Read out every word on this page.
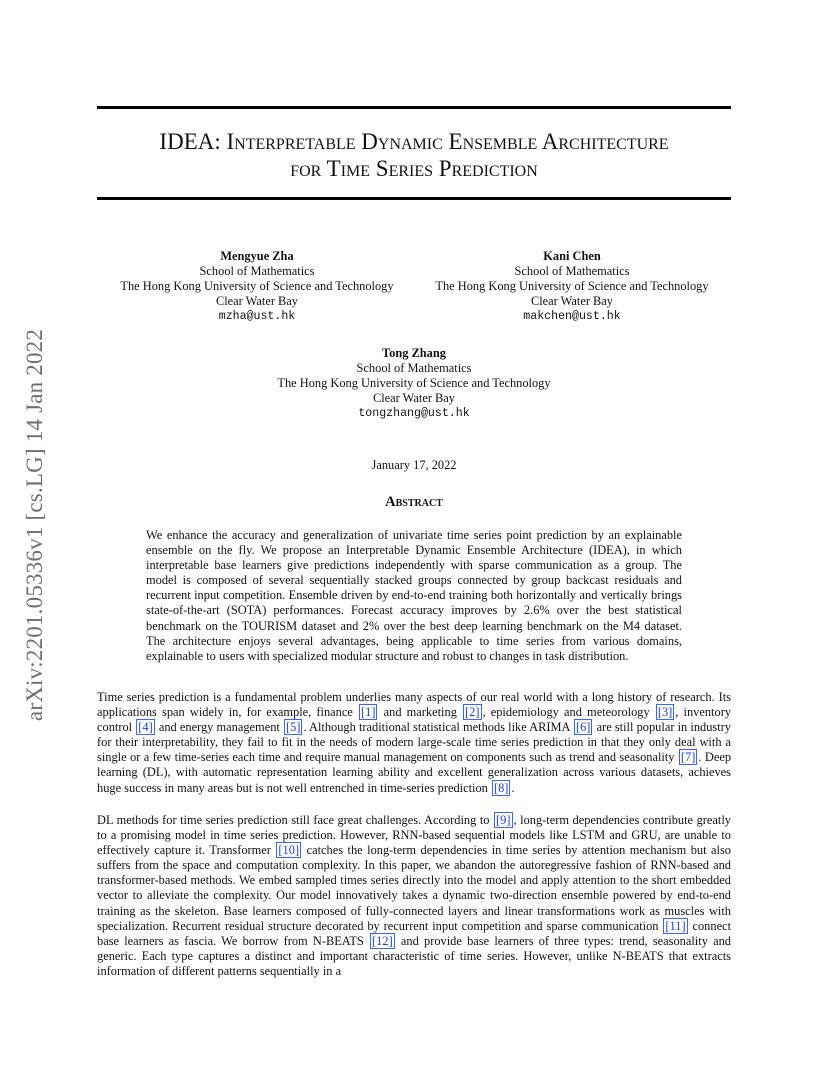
arXiv:2201.05336v1 [cs.LG] 14 Jan 2022
IDEA: Interpretable Dynamic Ensemble Architecture
for Time Series Prediction
Mengyue Zha
School of Mathematics
The Hong Kong University of Science and Technology
Clear Water Bay
mzha@ust.hk
Kani Chen
School of Mathematics
The Hong Kong University of Science and Technology
Clear Water Bay
makchen@ust.hk
Tong Zhang
School of Mathematics
The Hong Kong University of Science and Technology
Clear Water Bay
tongzhang@ust.hk
January 17, 2022
Abstract
We enhance the accuracy and generalization of univariate time series point prediction by an explainable ensemble on the fly. We propose an Interpretable Dynamic Ensemble Architecture (IDEA), in which interpretable base learners give predictions independently with sparse communication as a group. The model is composed of several sequentially stacked groups connected by group backcast residuals and recurrent input competition. Ensemble driven by end-to-end training both horizontally and vertically brings state-of-the-art (SOTA) performances. Forecast accuracy improves by 2.6% over the best statistical benchmark on the TOURISM dataset and 2% over the best deep learning benchmark on the M4 dataset. The architecture enjoys several advantages, being applicable to time series from various domains, explainable to users with specialized modular structure and robust to changes in task distribution.

Time series prediction is a fundamental problem underlies many aspects of our real world with a long history of research. Its applications span widely in, for example, finance [1] and marketing [2] , epidemiology and meteorology [3] , inventory control [4] and energy management [5] . Although traditional statistical methods like ARIMA [6] are still popular in industry for their interpretability, they fail to fit in the needs of modern large-scale time series prediction in that they only deal with a single or a few time-series each time and require manual management on components such as trend and seasonality [7] . Deep learning (DL), with automatic representation learning ability and excellent generalization across various datasets, achieves huge success in many areas but is not well entrenched in time-series prediction [8] .

DL methods for time series prediction still face great challenges. According to [9] , long-term dependencies contribute greatly to a promising model in time series prediction. However, RNN-based sequential models like LSTM and GRU, are unable to effectively capture it. Transformer [10] catches the long-term dependencies in time series by attention mechanism but also suffers from the space and computation complexity. In this paper, we abandon the autoregressive fashion of RNN-based and transformer-based methods. We embed sampled times series directly into the model and apply attention to the short embedded vector to alleviate the complexity. Our model innovatively takes a dynamic two-direction ensemble powered by end-to-end training as the skeleton. Base learners composed of fully-connected layers and linear transformations work as muscles with specialization. Recurrent residual structure decorated by recurrent input competition and sparse communication [11] connect base learners as fascia. We borrow from N-BEATS [12] and provide base learners of three types: trend, seasonality and generic. Each type captures a distinct and important characteristic of time series. However, unlike N-BEATS that extracts information of different patterns sequentially in a
